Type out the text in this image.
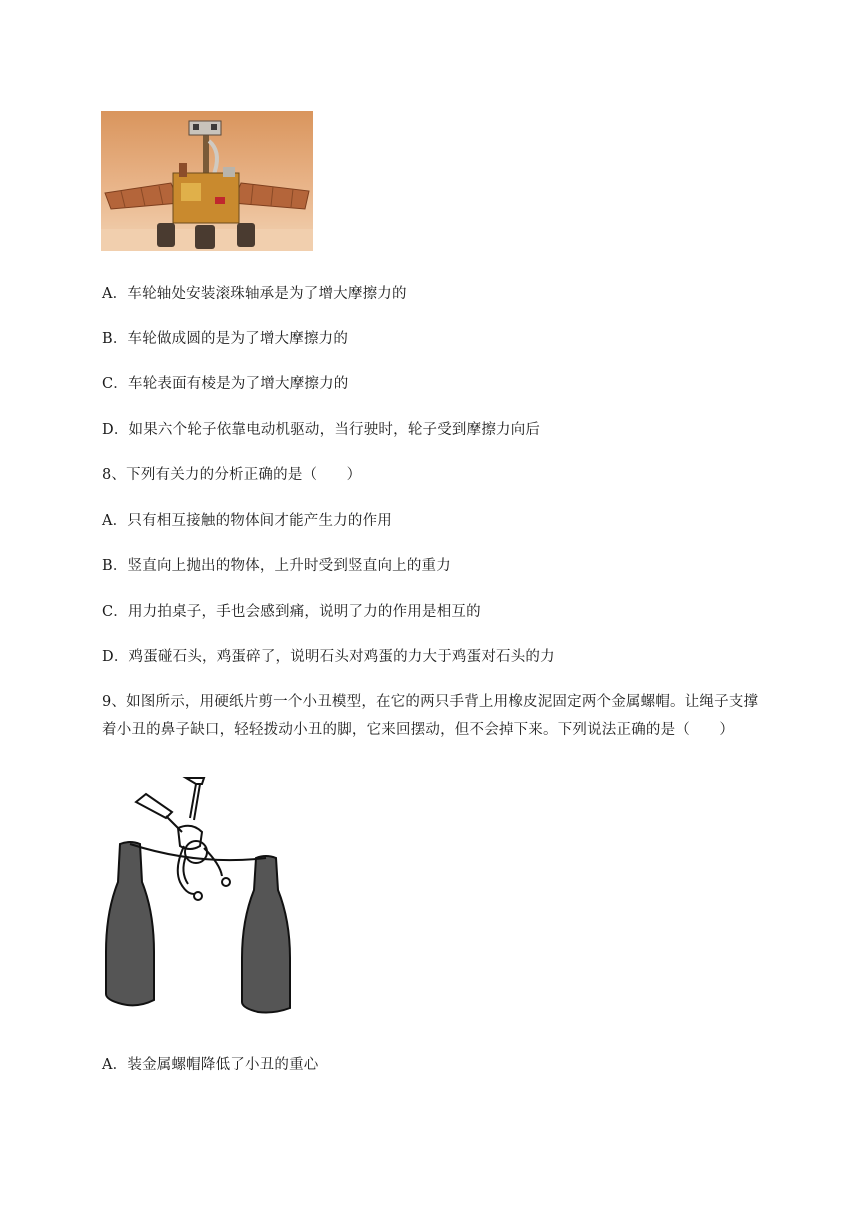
A．车轮轴处安装滚珠轴承是为了增大摩擦力的
B．车轮做成圆的是为了增大摩擦力的
C．车轮表面有棱是为了增大摩擦力的
D．如果六个轮子依靠电动机驱动，当行驶时，轮子受到摩擦力向后
8、下列有关力的分析正确的是（　　）
A．只有相互接触的物体间才能产生力的作用
B．竖直向上抛出的物体，上升时受到竖直向上的重力
C．用力拍桌子，手也会感到痛，说明了力的作用是相互的
D．鸡蛋碰石头，鸡蛋碎了，说明石头对鸡蛋的力大于鸡蛋对石头的力
9、如图所示，用硬纸片剪一个小丑模型，在它的两只手背上用橡皮泥固定两个金属螺帽。让绳子支撑
着小丑的鼻子缺口，轻轻拨动小丑的脚，它来回摆动，但不会掉下来。下列说法正确的是（　　）
A．装金属螺帽降低了小丑的重心
